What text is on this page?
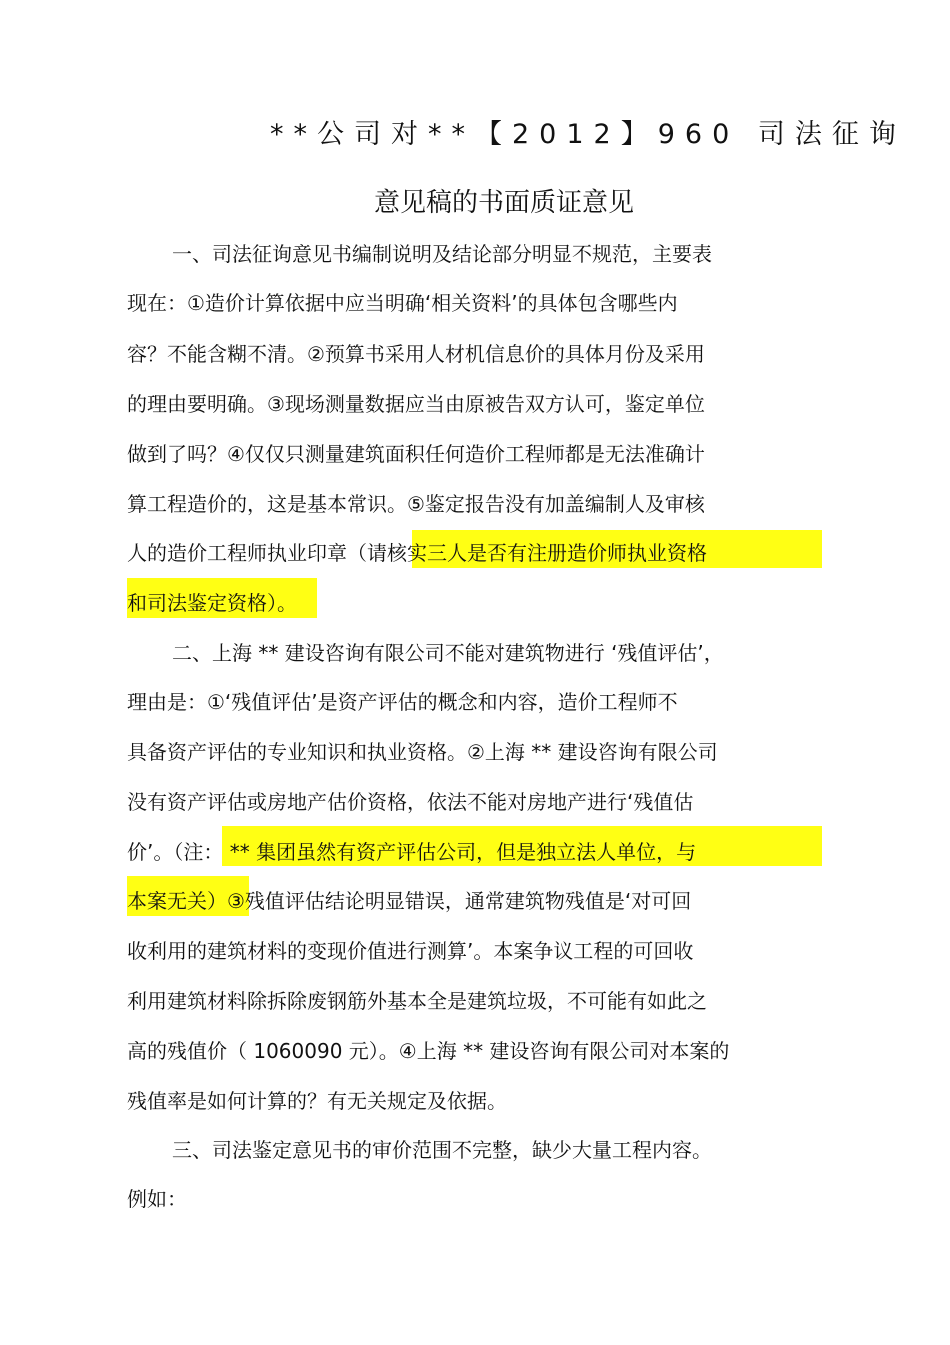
**公司对**【2012】960 司法征询
意见稿的书面质证意见
一、司法征询意见书编制说明及结论部分明显不规范，主要表
现在：①造价计算依据中应当明确‘相关资料’的具体包含哪些内
容？不能含糊不清。②预算书采用人材机信息价的具体月份及采用
的理由要明确。③现场测量数据应当由原被告双方认可，鉴定单位
做到了吗？④仅仅只测量建筑面积任何造价工程师都是无法准确计
算工程造价的，这是基本常识。⑤鉴定报告没有加盖编制人及审核
人的造价工程师执业印章（请核实三人是否有注册造价师执业资格
和司法鉴定资格）。
二、上海 ** 建设咨询有限公司不能对建筑物进行 ‘残值评估’，
理由是：①‘残值评估’是资产评估的概念和内容，造价工程师不
具备资产评估的专业知识和执业资格。②上海 ** 建设咨询有限公司
没有资产评估或房地产估价资格，依法不能对房地产进行‘残值估
价’。（注： ** 集团虽然有资产评估公司，但是独立法人单位，与
本案无关）③残值评估结论明显错误，通常建筑物残值是‘对可回
收利用的建筑材料的变现价值进行测算’。本案争议工程的可回收
利用建筑材料除拆除废钢筋外基本全是建筑垃圾，不可能有如此之
高的残值价（ 1060090 元）。④上海 ** 建设咨询有限公司对本案的
残值率是如何计算的？有无关规定及依据。
三、司法鉴定意见书的审价范围不完整，缺少大量工程内容。
例如：
